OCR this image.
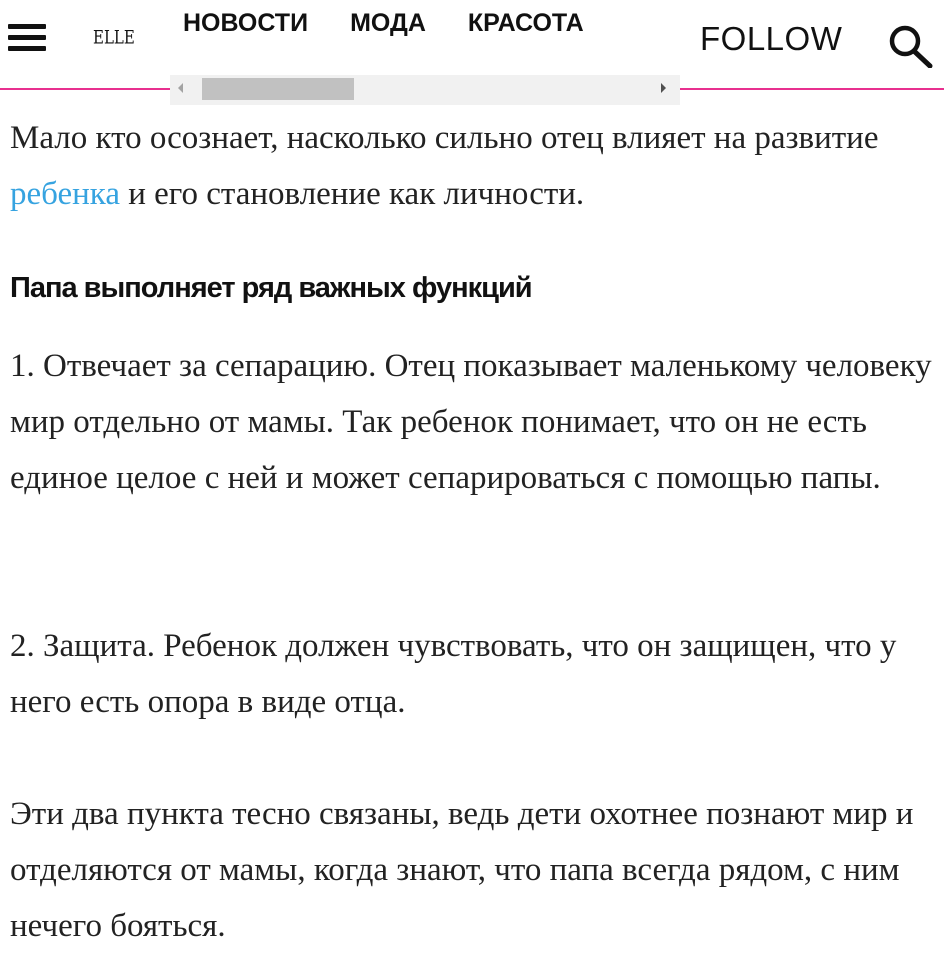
ELLE НОВОСТИ МОДА КРАСОТА	FOLLOW

Мало кто осознает, насколько сильно отец влияет на развитие ребенка и его становление как личности.

Папа выполняет ряд важных функций

1. Отвечает за сепарацию. Отец показывает маленькому человеку мир отдельно от мамы. Так ребенок понимает, что он не есть единое целое с ней и может сепарироваться с помощью папы.

2. Защита. Ребенок должен чувствовать, что он защищен, что у него есть опора в виде отца.

Эти два пункта тесно связаны, ведь дети охотнее познают мир и отделяются от мамы, когда знают, что папа всегда рядом, с ним нечего бояться.
